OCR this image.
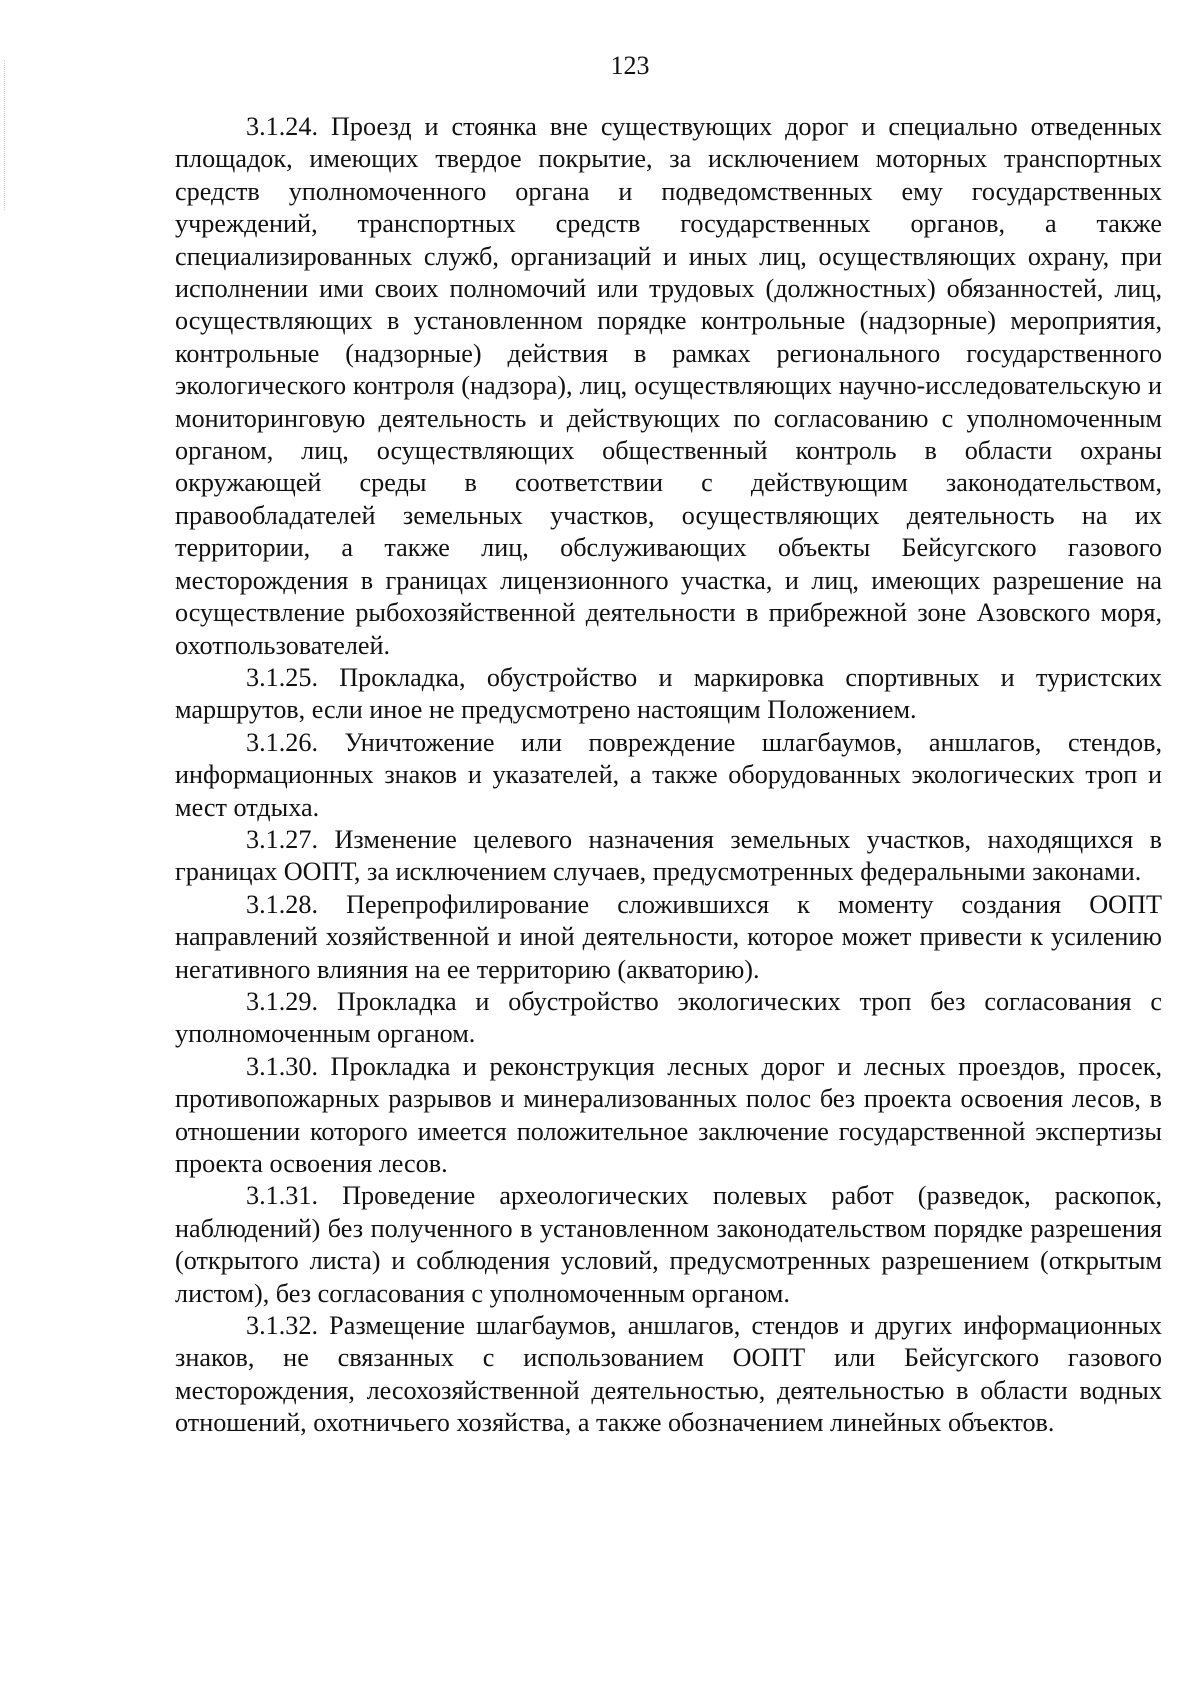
123

3.1.24. Проезд и стоянка вне существующих дорог и специально отведенных площадок, имеющих твердое покрытие, за исключением моторных транспортных средств уполномоченного органа и подведомственных ему государственных учреждений, транспортных средств государственных органов, а также специализированных служб, организаций и иных лиц, осуществляющих охрану, при исполнении ими своих полномочий или трудовых (должностных) обязанностей, лиц, осуществляющих в установленном порядке контрольные (надзорные) мероприятия, контрольные (надзорные) действия в рамках регионального государственного экологического контроля (надзора), лиц, осуществляющих научно-исследовательскую и мониторинговую деятельность и действующих по согласованию с уполномоченным органом, лиц, осуществляющих общественный контроль в области охраны окружающей среды в соответствии с действующим законодательством, правообладателей земельных участков, осуществляющих деятельность на их территории, а также лиц, обслуживающих объекты Бейсугского газового месторождения в границах лицензионного участка, и лиц, имеющих разрешение на осуществление рыбохозяйственной деятельности в прибрежной зоне Азовского моря, охотпользователей.

3.1.25. Прокладка, обустройство и маркировка спортивных и туристских маршрутов, если иное не предусмотрено настоящим Положением.

3.1.26. Уничтожение или повреждение шлагбаумов, аншлагов, стендов, информационных знаков и указателей, а также оборудованных экологических троп и мест отдыха.

3.1.27. Изменение целевого назначения земельных участков, находящихся в границах ООПТ, за исключением случаев, предусмотренных федеральными законами.

3.1.28. Перепрофилирование сложившихся к моменту создания ООПТ направлений хозяйственной и иной деятельности, которое может привести к усилению негативного влияния на ее территорию (акваторию).

3.1.29. Прокладка и обустройство экологических троп без согласования с уполномоченным органом.

3.1.30. Прокладка и реконструкция лесных дорог и лесных проездов, просек, противопожарных разрывов и минерализованных полос без проекта освоения лесов, в отношении которого имеется положительное заключение государственной экспертизы проекта освоения лесов.

3.1.31. Проведение археологических полевых работ (разведок, раскопок, наблюдений) без полученного в установленном законодательством порядке разрешения (открытого листа) и соблюдения условий, предусмотренных разрешением (открытым листом), без согласования с уполномоченным органом.

3.1.32. Размещение шлагбаумов, аншлагов, стендов и других информационных знаков, не связанных с использованием ООПТ или Бейсугского газового месторождения, лесохозяйственной деятельностью, деятельностью в области водных отношений, охотничьего хозяйства, а также обозначением линейных объектов.
